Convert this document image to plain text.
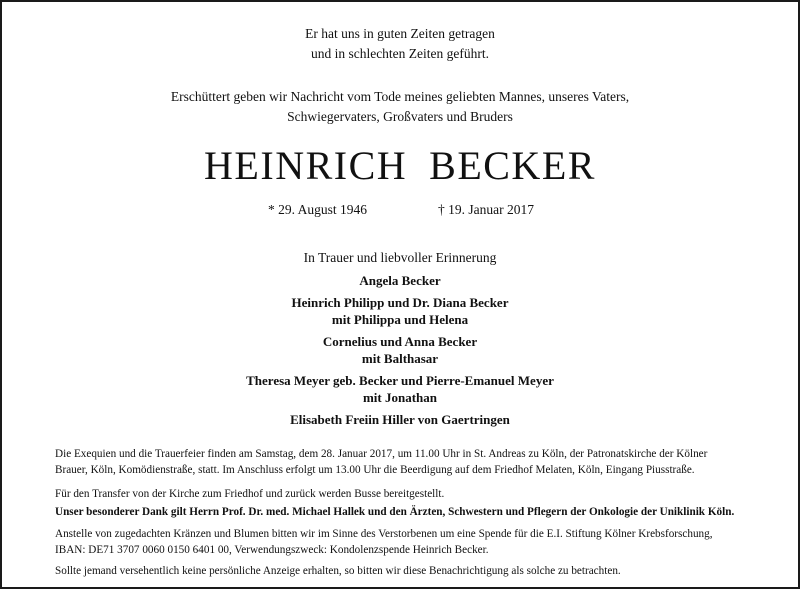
Er hat uns in guten Zeiten getragen
und in schlechten Zeiten geführt.
Erschüttert geben wir Nachricht vom Tode meines geliebten Mannes, unseres Vaters,
Schwiegervaters, Großvaters und Bruders
HEINRICH BECKER
* 29. August 1946	† 19. Januar 2017
In Trauer und liebvoller Erinnerung
Angela Becker
Heinrich Philipp und Dr. Diana Becker
mit Philippa und Helena
Cornelius und Anna Becker
mit Balthasar
Theresa Meyer geb. Becker und Pierre-Emanuel Meyer
mit Jonathan
Elisabeth Freiin Hiller von Gaertringen
Die Exequien und die Trauerfeier finden am Samstag, dem 28. Januar 2017, um 11.00 Uhr in St. Andreas zu Köln, der Patronatskirche der Kölner
Brauer, Köln, Komödienstraße, statt. Im Anschluss erfolgt um 13.00 Uhr die Beerdigung auf dem Friedhof Melaten, Köln, Eingang Piusstraße.
Für den Transfer von der Kirche zum Friedhof und zurück werden Busse bereitgestellt.
Unser besonderer Dank gilt Herrn Prof. Dr. med. Michael Hallek und den Ärzten, Schwestern und Pflegern der Onkologie der Uniklinik Köln.
Anstelle von zugedachten Kränzen und Blumen bitten wir im Sinne des Verstorbenen um eine Spende für die E.I. Stiftung Kölner Krebsforschung,
IBAN: DE71 3707 0060 0150 6401 00, Verwendungszweck: Kondolenzspende Heinrich Becker.
Sollte jemand versehentlich keine persönliche Anzeige erhalten, so bitten wir diese Benachrichtigung als solche zu betrachten.
